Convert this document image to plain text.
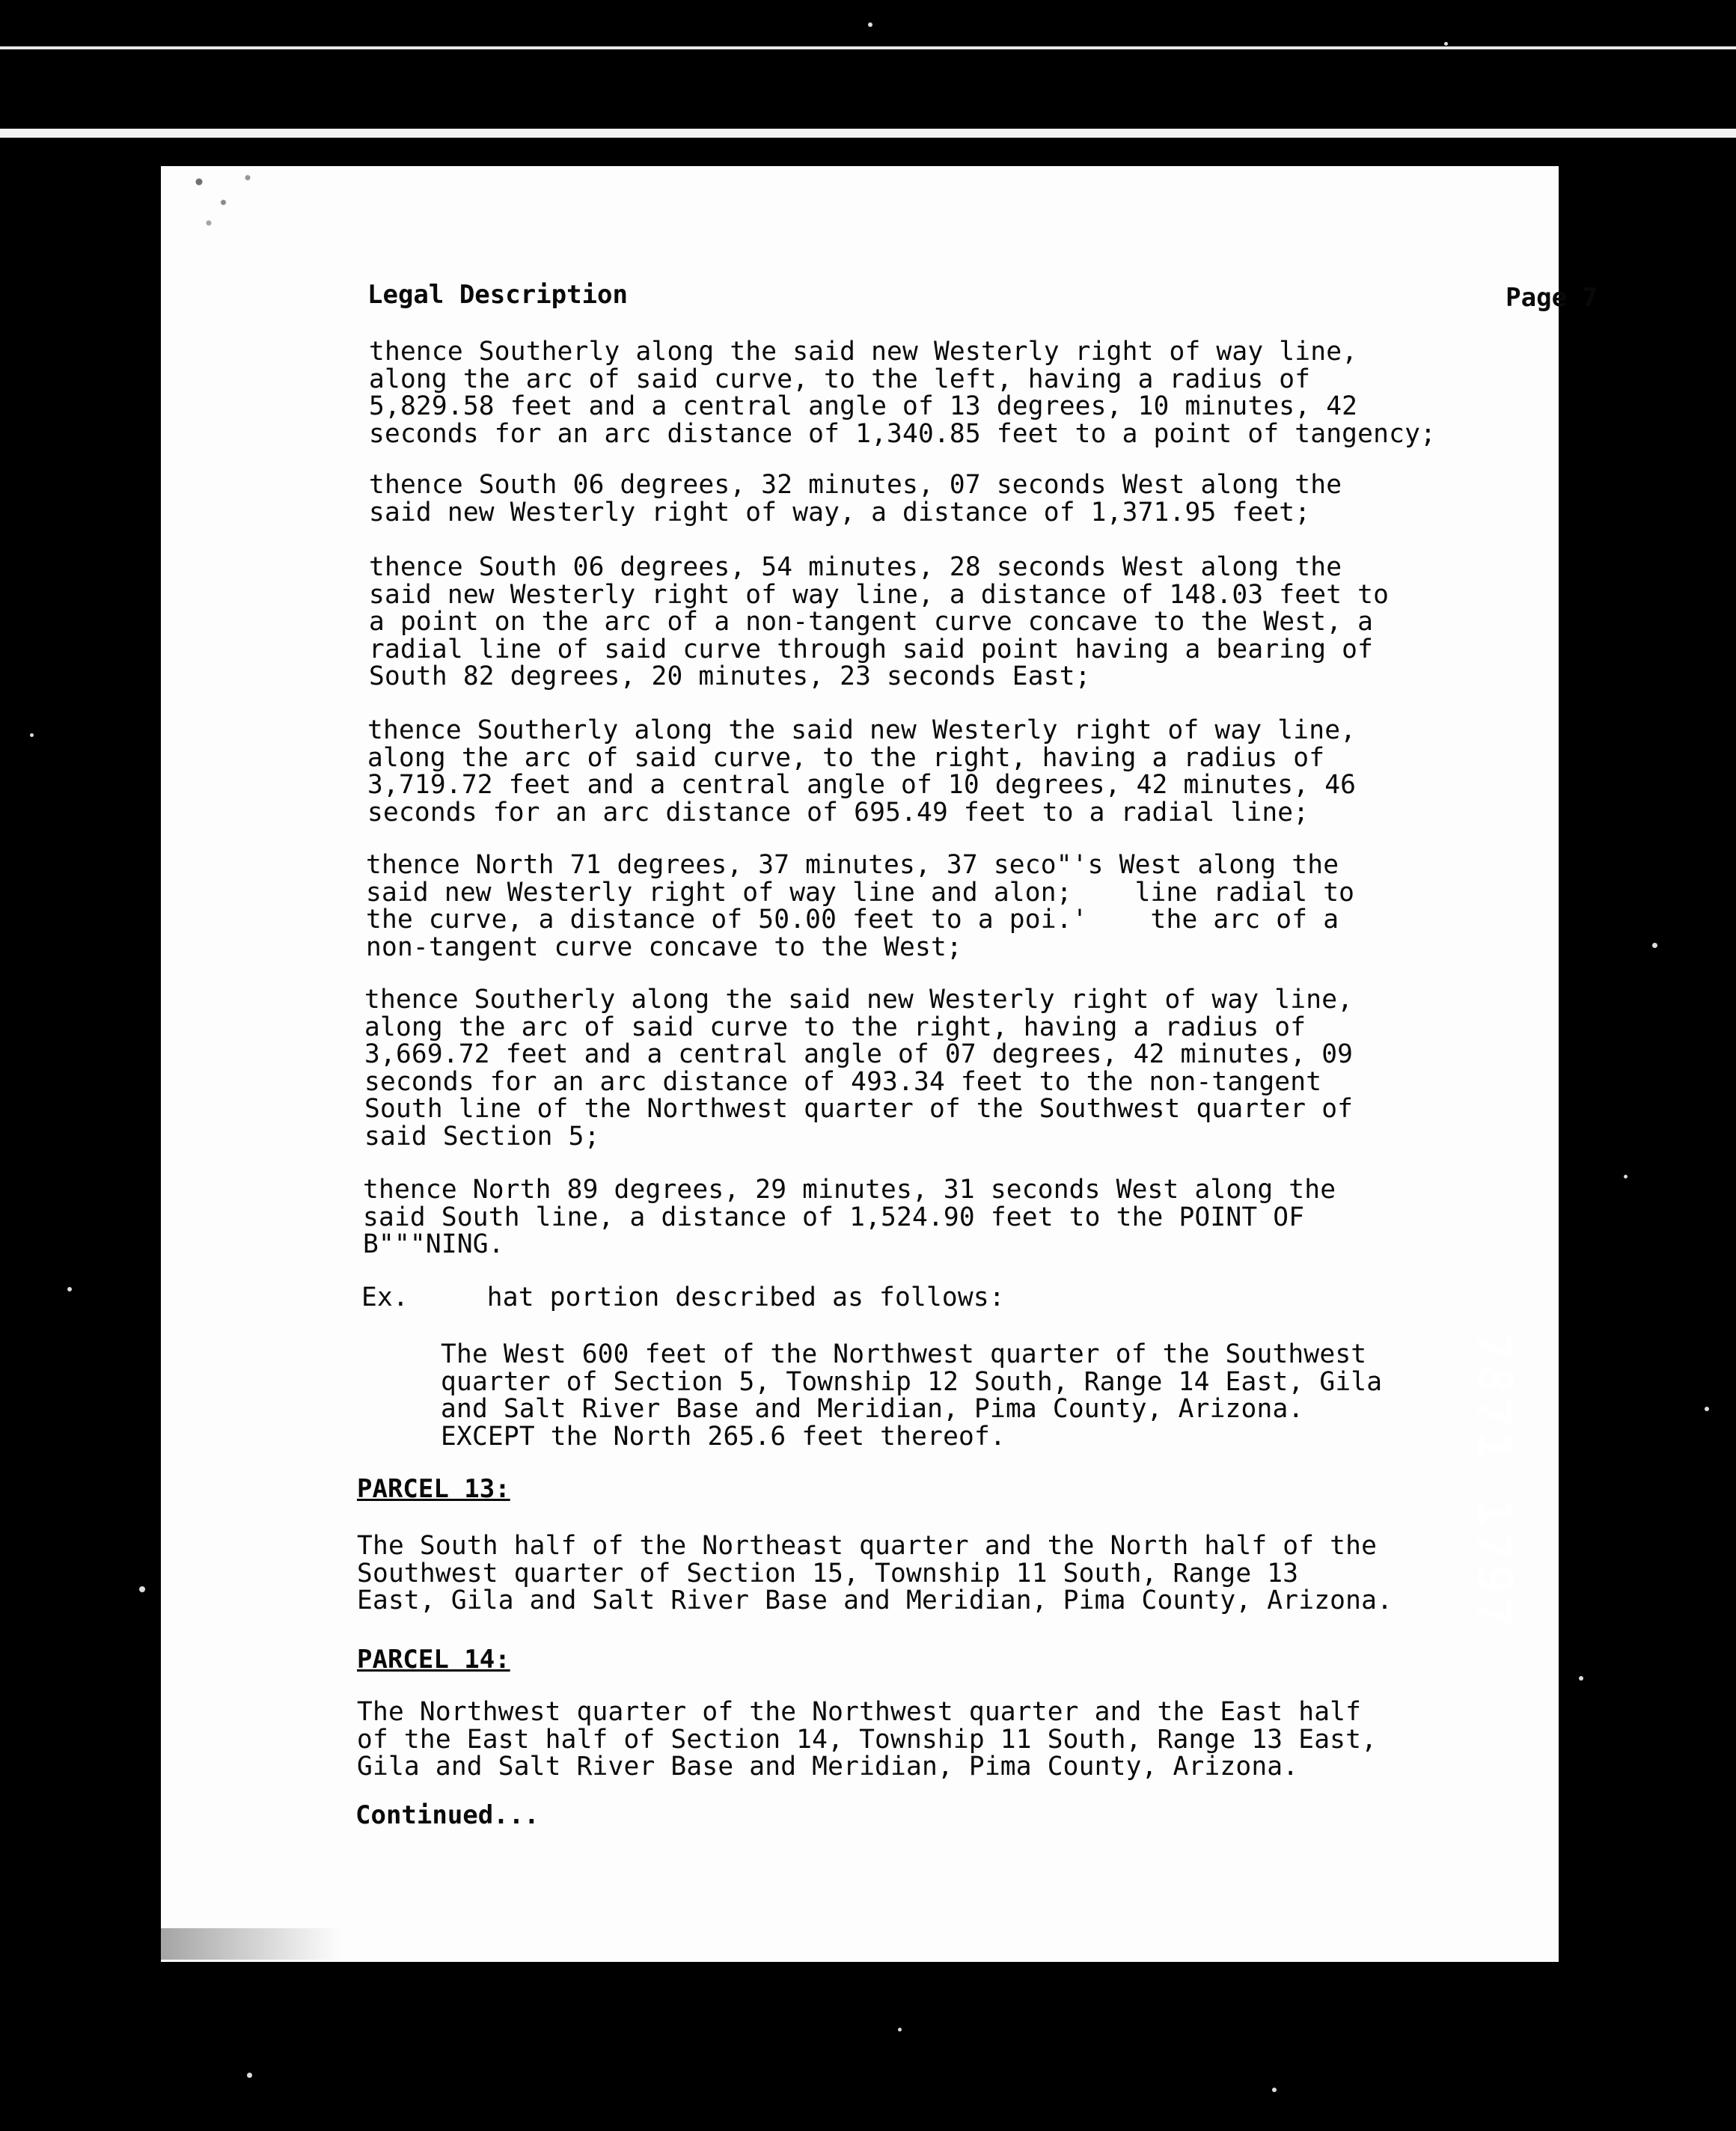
Legal Description	Page 7
thence Southerly along the said new Westerly right of way line,
along the arc of said curve, to the left, having a radius of
5,829.58 feet and a central angle of 13 degrees, 10 minutes, 42
seconds for an arc distance of 1,340.85 feet to a point of tangency;
thence South 06 degrees, 32 minutes, 07 seconds West along the
said new Westerly right of way, a distance of 1,371.95 feet;
thence South 06 degrees, 54 minutes, 28 seconds West along the
said new Westerly right of way line, a distance of 148.03 feet to
a point on the arc of a non-tangent curve concave to the West, a
radial line of said curve through said point having a bearing of
South 82 degrees, 20 minutes, 23 seconds East;
thence Southerly along the said new Westerly right of way line,
along the arc of said curve, to the right, having a radius of
3,719.72 feet and a central angle of 10 degrees, 42 minutes, 46
seconds for an arc distance of 695.49 feet to a radial line;
thence North 71 degrees, 37 minutes, 37 seco"'s West along the
said new Westerly right of way line and alon;    line radial to
the curve, a distance of 50.00 feet to a poi.'    the arc of a
non-tangent curve concave to the West;
thence Southerly along the said new Westerly right of way line,
along the arc of said curve to the right, having a radius of
3,669.72 feet and a central angle of 07 degrees, 42 minutes, 09
seconds for an arc distance of 493.34 feet to the non-tangent
South line of the Northwest quarter of the Southwest quarter of
said Section 5;
thence North 89 degrees, 29 minutes, 31 seconds West along the
said South line, a distance of 1,524.90 feet to the POINT OF
B"""NING.
Ex.     hat portion described as follows:
The West 600 feet of the Northwest quarter of the Southwest
quarter of Section 5, Township 12 South, Range 14 East, Gila
and Salt River Base and Meridian, Pima County, Arizona.
EXCEPT the North 265.6 feet thereof.
PARCEL 13:
The South half of the Northeast quarter and the North half of the
Southwest quarter of Section 15, Township 11 South, Range 13
East, Gila and Salt River Base and Meridian, Pima County, Arizona.
PARCEL 14:
The Northwest quarter of the Northwest quarter and the East half
of the East half of Section 14, Township 11 South, Range 13 East,
Gila and Salt River Base and Meridian, Pima County, Arizona.
Continued...
7871 1797
